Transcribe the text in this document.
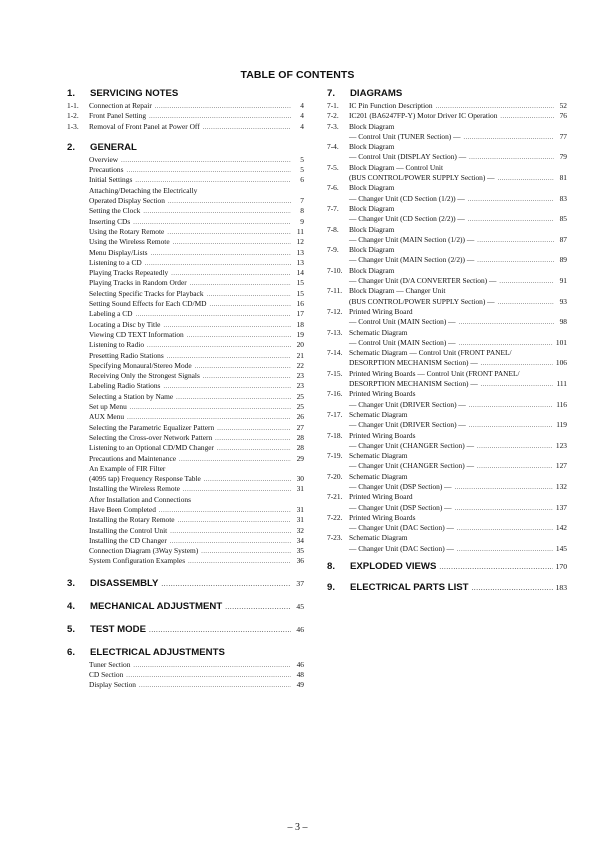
TABLE OF CONTENTS
1.	SERVICING NOTES
1-1.	Connection at Repair .....	4
1-2.	Front Panel Setting .....	4
1-3.	Removal of Front Panel at Power Off .....	4
2.	GENERAL
Overview .....	5
Precautions .....	5
Initial Settings .....	6
Attaching/Detaching the Electrically
Operated Display Section .....	7
Setting the Clock .....	8
Inserting CDs .....	9
Using the Rotary Remote .....	11
Using the Wireless Remote .....	12
Menu Display/Lists .....	13
Listening to a CD .....	13
Playing Tracks Repeatedly .....	14
Playing Tracks in Random Order .....	15
Selecting Specific Tracks for Playback .....	15
Setting Sound Effects for Each CD/MD .....	16
Labeling a CD .....	17
Locating a Disc by Title .....	18
Viewing CD TEXT Information .....	19
Listening to Radio .....	20
Presetting Radio Stations .....	21
Specifying Monaural/Stereo Mode .....	22
Receiving Only the Strongest Signals .....	23
Labeling Radio Stations .....	23
Selecting a Station by Name .....	25
Set up Menu .....	25
AUX Menu .....	26
Selecting the Parametric Equalizer Pattern .....	27
Selecting the Cross-over Network Pattern .....	28
Listening to an Optional CD/MD Changer .....	28
Precautions and Maintenance .....	29
An Example of FIR Filter
(4095 tap) Frequency Response Table .....	30
Installing the Wireless Remote .....	31
After Installation and Connections
Have Been Completed .....	31
Installing the Rotary Remote .....	31
Installing the Control Unit .....	32
Installing the CD Changer .....	34
Connection Diagram (3Way System) .....	35
System Configuration Examples .....	36
3.	DISASSEMBLY .....	37
4.	MECHANICAL ADJUSTMENT .....	45
5.	TEST MODE .....	46
6.	ELECTRICAL ADJUSTMENTS
Tuner Section .....	46
CD Section .....	48
Display Section .....	49
7.	DIAGRAMS
7-1.	IC Pin Function Description .....	52
7-2.	IC201 (BA6247FP-Y) Motor Driver IC Operation .....	76
7-3.	Block Diagram
— Control Unit (TUNER Section) — .....	77
7-4.	Block Diagram
— Control Unit (DISPLAY Section) — .....	79
7-5.	Block Diagram — Control Unit
(BUS CONTROL/POWER SUPPLY Section) — .....	81
7-6.	Block Diagram
— Changer Unit (CD Section (1/2)) — .....	83
7-7.	Block Diagram
— Changer Unit (CD Section (2/2)) — .....	85
7-8.	Block Diagram
— Changer Unit (MAIN Section (1/2)) — .....	87
7-9.	Block Diagram
— Changer Unit (MAIN Section (2/2)) — .....	89
7-10. Block Diagram
— Changer Unit (D/A CONVERTER Section) — .....	91
7-11. Block Diagram — Changer Unit
(BUS CONTROL/POWER SUPPLY Section) — .....	93
7-12. Printed Wiring Board
— Control Unit (MAIN Section) — .....	98
7-13. Schematic Diagram
— Control Unit (MAIN Section) — .....	101
7-14. Schematic Diagram — Control Unit (FRONT PANEL/
DESORPTION MECHANISM Section) — .....	106
7-15. Printed Wiring Boards — Control Unit (FRONT PANEL/
DESORPTION MECHANISM Section) — .....	111
7-16. Printed Wiring Boards
— Changer Unit (DRIVER Section) — .....	116
7-17. Schematic Diagram
— Changer Unit (DRIVER Section) — .....	119
7-18. Printed Wiring Boards
— Changer Unit (CHANGER Section) — .....	123
7-19. Schematic Diagram
— Changer Unit (CHANGER Section) — .....	127
7-20. Schematic Diagram
— Changer Unit (DSP Section) — .....	132
7-21. Printed Wiring Board
— Changer Unit (DSP Section) — .....	137
7-22. Printed Wiring Boards
— Changer Unit (DAC Section) — .....	142
7-23. Schematic Diagram
— Changer Unit (DAC Section) — .....	145
8.	EXPLODED VIEWS .....	170
9.	ELECTRICAL PARTS LIST .....	183
– 3 –
